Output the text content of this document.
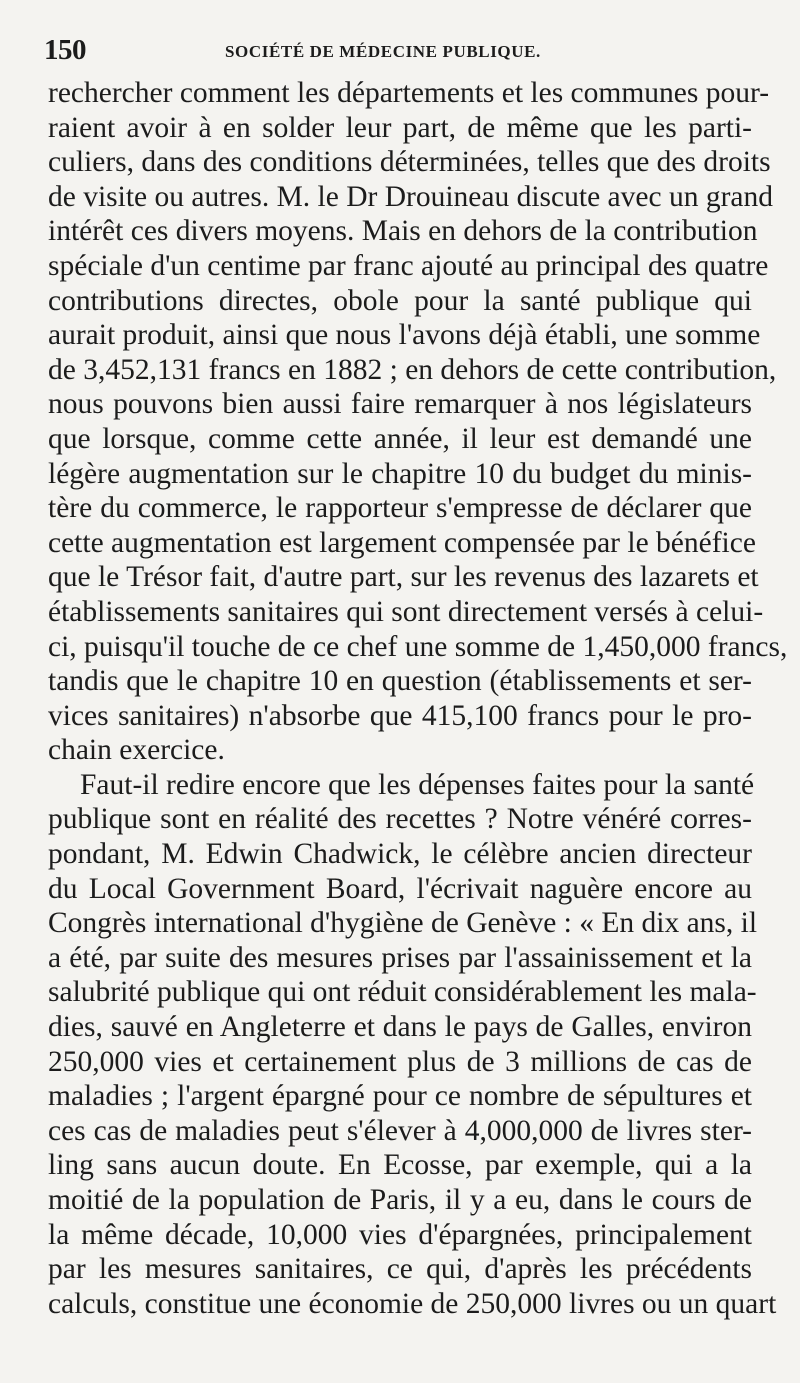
150	SOCIÉTÉ DE MÉDECINE PUBLIQUE.
rechercher comment les départements et les communes pour-
raient avoir à en solder leur part, de même que les parti-
culiers, dans des conditions déterminées, telles que des droits
de visite ou autres. M. le Dr Drouineau discute avec un grand
intérêt ces divers moyens. Mais en dehors de la contribution
spéciale d'un centime par franc ajouté au principal des quatre
contributions directes, obole pour la santé publique qui
aurait produit, ainsi que nous l'avons déjà établi, une somme
de 3,452,131 francs en 1882 ; en dehors de cette contribution,
nous pouvons bien aussi faire remarquer à nos législateurs
que lorsque, comme cette année, il leur est demandé une
légère augmentation sur le chapitre 10 du budget du minis-
tère du commerce, le rapporteur s'empresse de déclarer que
cette augmentation est largement compensée par le bénéfice
que le Trésor fait, d'autre part, sur les revenus des lazarets et
établissements sanitaires qui sont directement versés à celui-
ci, puisqu'il touche de ce chef une somme de 1,450,000 francs,
tandis que le chapitre 10 en question (établissements et ser-
vices sanitaires) n'absorbe que 415,100 francs pour le pro-
chain exercice.
Faut-il redire encore que les dépenses faites pour la santé
publique sont en réalité des recettes ? Notre vénéré corres-
pondant, M. Edwin Chadwick, le célèbre ancien directeur
du Local Government Board, l'écrivait naguère encore au
Congrès international d'hygiène de Genève : « En dix ans, il
a été, par suite des mesures prises par l'assainissement et la
salubrité publique qui ont réduit considérablement les mala-
dies, sauvé en Angleterre et dans le pays de Galles, environ
250,000 vies et certainement plus de 3 millions de cas de
maladies ; l'argent épargné pour ce nombre de sépultures et
ces cas de maladies peut s'élever à 4,000,000 de livres ster-
ling sans aucun doute. En Ecosse, par exemple, qui a la
moitié de la population de Paris, il y a eu, dans le cours de
la même décade, 10,000 vies d'épargnées, principalement
par les mesures sanitaires, ce qui, d'après les précédents
calculs, constitue une économie de 250,000 livres ou un quart
